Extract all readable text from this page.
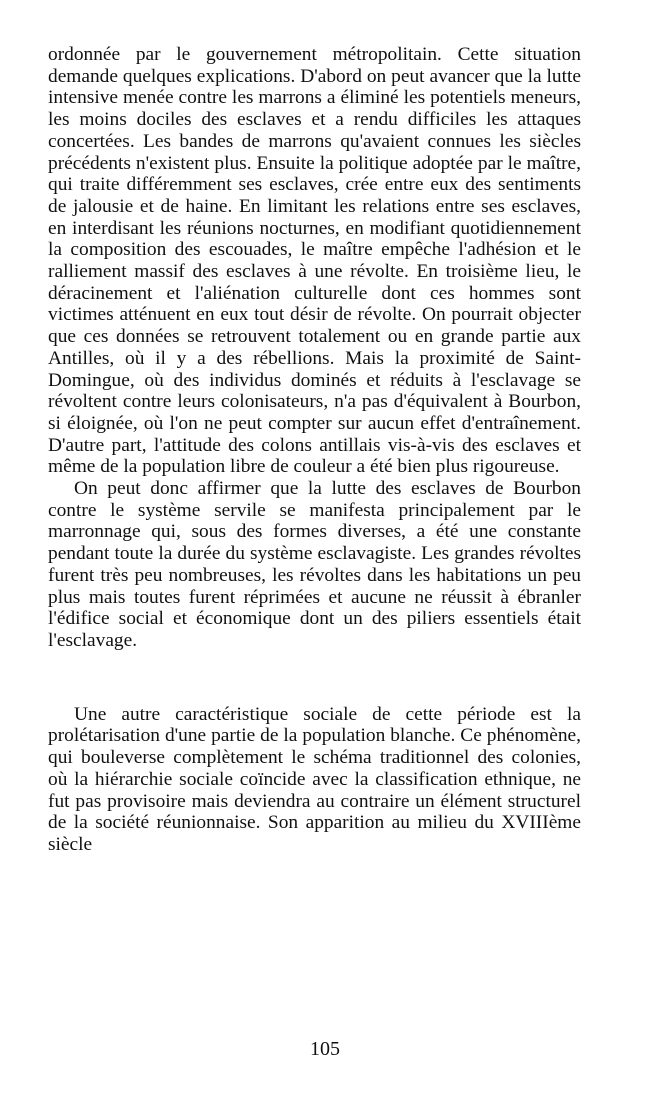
ordonnée par le gouvernement métropolitain. Cette situation demande quelques explications. D'abord on peut avancer que la lutte intensive menée contre les marrons a éliminé les potentiels meneurs, les moins dociles des esclaves et a rendu difficiles les attaques concertées. Les bandes de marrons qu'avaient connues les siècles précédents n'existent plus. Ensuite la politique adoptée par le maître, qui traite différemment ses esclaves, crée entre eux des sentiments de jalousie et de haine. En limitant les relations entre ses esclaves, en interdisant les réunions nocturnes, en modifiant quotidiennement la composition des escouades, le maître empêche l'adhésion et le ralliement massif des esclaves à une révolte. En troisième lieu, le déracinement et l'aliénation culturelle dont ces hommes sont victimes atténuent en eux tout désir de révolte. On pourrait objecter que ces données se retrouvent totalement ou en grande partie aux Antilles, où il y a des rébellions. Mais la proximité de Saint-Domingue, où des individus dominés et réduits à l'esclavage se révoltent contre leurs colonisateurs, n'a pas d'équivalent à Bourbon, si éloignée, où l'on ne peut compter sur aucun effet d'entraînement. D'autre part, l'attitude des colons antillais vis-à-vis des esclaves et même de la population libre de couleur a été bien plus rigoureuse.

On peut donc affirmer que la lutte des esclaves de Bourbon contre le système servile se manifesta principalement par le marronnage qui, sous des formes diverses, a été une constante pendant toute la durée du système esclavagiste. Les grandes révoltes furent très peu nombreuses, les révoltes dans les habitations un peu plus mais toutes furent réprimées et aucune ne réussit à ébranler l'édifice social et économique dont un des piliers essentiels était l'esclavage.

Une autre caractéristique sociale de cette période est la prolétarisation d'une partie de la population blanche. Ce phénomène, qui bouleverse complètement le schéma traditionnel des colonies, où la hiérarchie sociale coïncide avec la classification ethnique, ne fut pas provisoire mais deviendra au contraire un élément structurel de la société réunionnaise. Son apparition au milieu du XVIIIème siècle

105
